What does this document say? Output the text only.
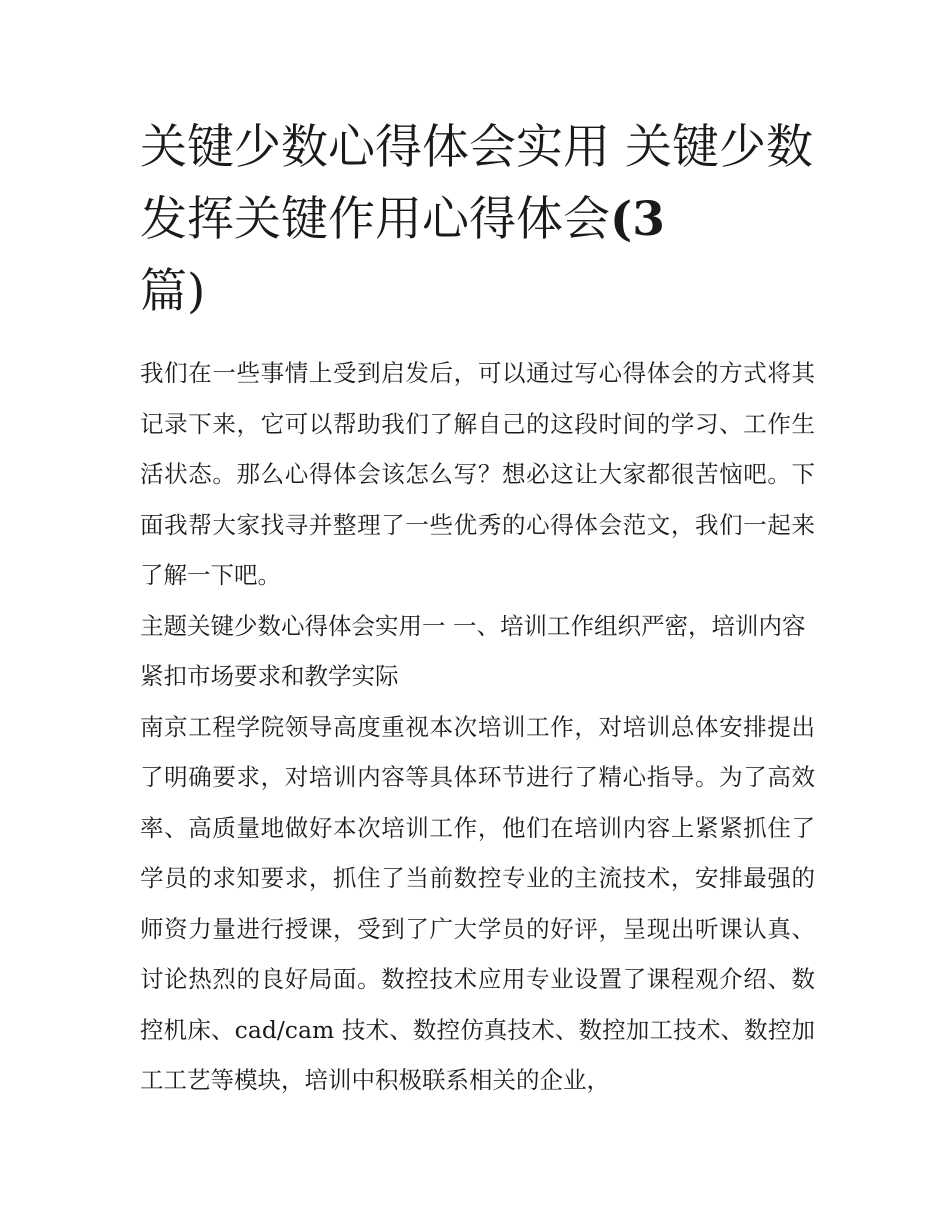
关键少数心得体会实用 关键少数发挥关键作用心得体会(3
篇)

我们在一些事情上受到启发后，可以通过写心得体会的方式将其记录下来，它可以帮助我们了解自己的这段时间的学习、工作生活状态。那么心得体会该怎么写？想必这让大家都很苦恼吧。下面我帮大家找寻并整理了一些优秀的心得体会范文，我们一起来了解一下吧。

主题关键少数心得体会实用一 一、培训工作组织严密，培训内容紧扣市场要求和教学实际

南京工程学院领导高度重视本次培训工作，对培训总体安排提出了明确要求，对培训内容等具体环节进行了精心指导。为了高效率、高质量地做好本次培训工作，他们在培训内容上紧紧抓住了学员的求知要求，抓住了当前数控专业的主流技术，安排最强的师资力量进行授课，受到了广大学员的好评，呈现出听课认真、讨论热烈的良好局面。数控技术应用专业设置了课程观介绍、数控机床、cad/cam 技术、数控仿真技术、数控加工技术、数控加工工艺等模块，培训中积极联系相关的企业，
